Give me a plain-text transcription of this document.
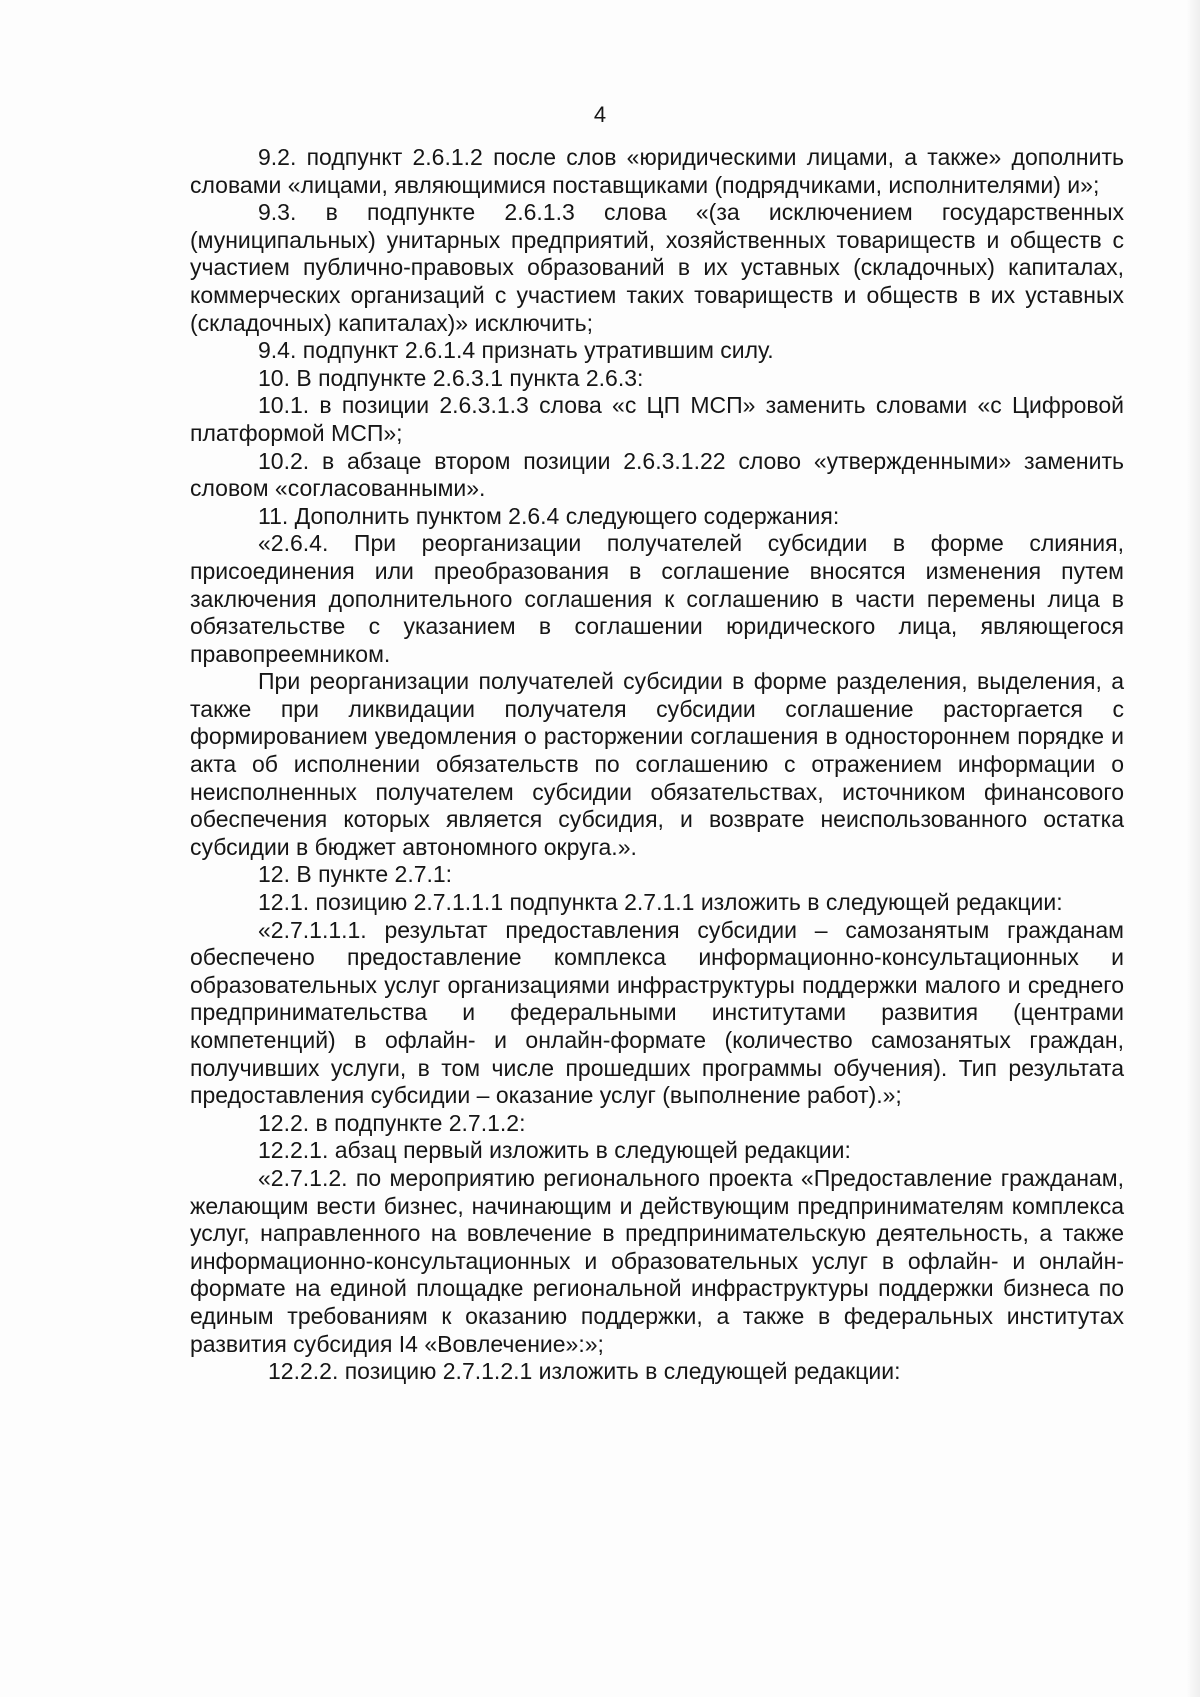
4

9.2. подпункт 2.6.1.2 после слов «юридическими лицами, а также» дополнить словами «лицами, являющимися поставщиками (подрядчиками, исполнителями) и»;

9.3. в подпункте 2.6.1.3 слова «(за исключением государственных (муниципальных) унитарных предприятий, хозяйственных товариществ и обществ с участием публично-правовых образований в их уставных (складочных) капиталах, коммерческих организаций с участием таких товариществ и обществ в их уставных (складочных) капиталах)» исключить;

9.4. подпункт 2.6.1.4 признать утратившим силу.

10. В подпункте 2.6.3.1 пункта 2.6.3:

10.1. в позиции 2.6.3.1.3 слова «с ЦП МСП» заменить словами «с Цифровой платформой МСП»;

10.2. в абзаце втором позиции 2.6.3.1.22 слово «утвержденными» заменить словом «согласованными».

11. Дополнить пунктом 2.6.4 следующего содержания:

«2.6.4. При реорганизации получателей субсидии в форме слияния, присоединения или преобразования в соглашение вносятся изменения путем заключения дополнительного соглашения к соглашению в части перемены лица в обязательстве с указанием в соглашении юридического лица, являющегося правопреемником.

При реорганизации получателей субсидии в форме разделения, выделения, а также при ликвидации получателя субсидии соглашение расторгается с формированием уведомления о расторжении соглашения в одностороннем порядке и акта об исполнении обязательств по соглашению с отражением информации о неисполненных получателем субсидии обязательствах, источником финансового обеспечения которых является субсидия, и возврате неиспользованного остатка субсидии в бюджет автономного округа.».

12. В пункте 2.7.1:

12.1. позицию 2.7.1.1.1 подпункта 2.7.1.1 изложить в следующей редакции:

«2.7.1.1.1. результат предоставления субсидии – самозанятым гражданам обеспечено предоставление комплекса информационно-консультационных и образовательных услуг организациями инфраструктуры поддержки малого и среднего предпринимательства и федеральными институтами развития (центрами компетенций) в офлайн- и онлайн-формате (количество самозанятых граждан, получивших услуги, в том числе прошедших программы обучения). Тип результата предоставления субсидии – оказание услуг (выполнение работ).»;

12.2. в подпункте 2.7.1.2:

12.2.1. абзац первый изложить в следующей редакции:

«2.7.1.2. по мероприятию регионального проекта «Предоставление гражданам, желающим вести бизнес, начинающим и действующим предпринимателям комплекса услуг, направленного на вовлечение в предпринимательскую деятельность, а также информационно-консультационных и образовательных услуг в офлайн- и онлайн-формате на единой площадке региональной инфраструктуры поддержки бизнеса по единым требованиям к оказанию поддержки, а также в федеральных институтах развития субсидия I4 «Вовлечение»:»;

12.2.2. позицию 2.7.1.2.1 изложить в следующей редакции:
